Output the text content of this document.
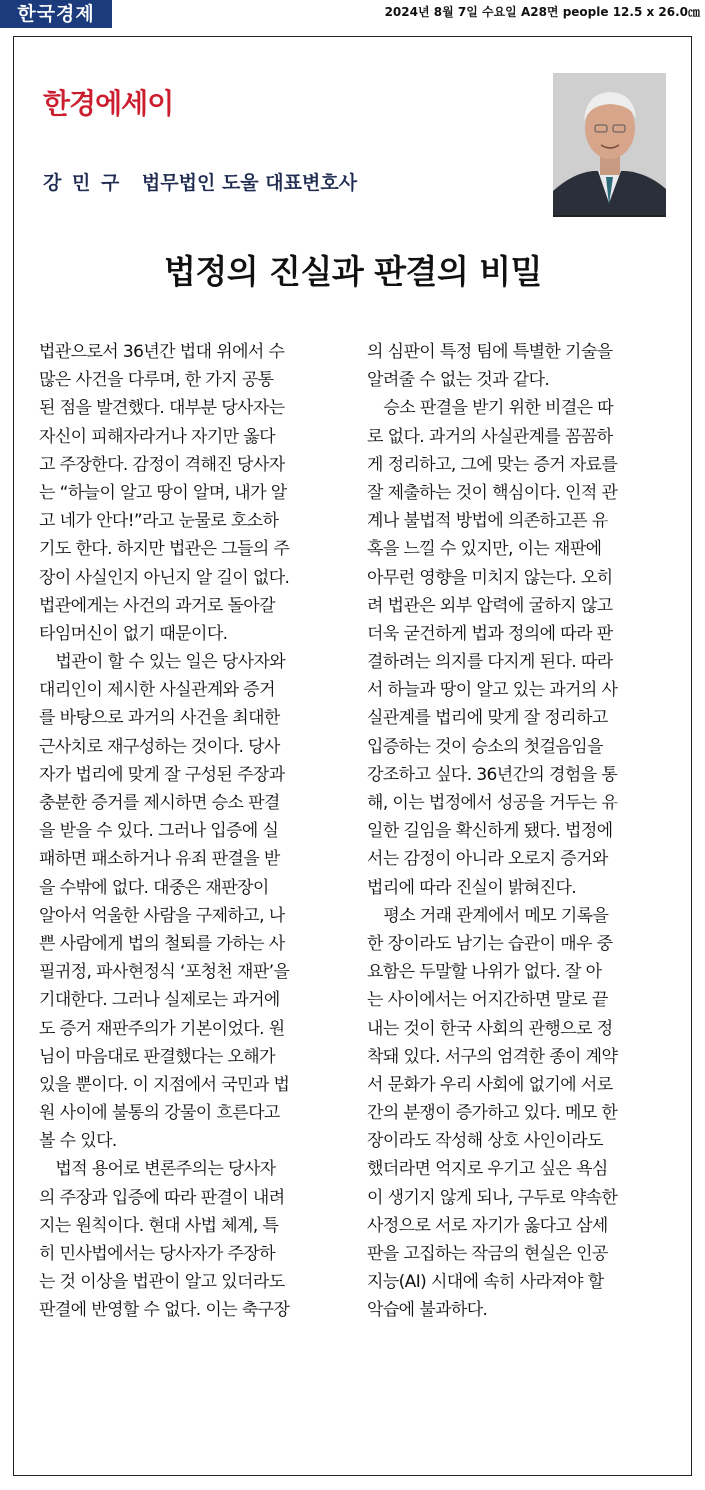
한국경제	2024년 8월 7일 수요일 A28면 people 12.5 x 26.0㎝
한경에세이
강 민 구 법무법인 도울 대표변호사
법정의 진실과 판결의 비밀
법관으로서 36년간 법대 위에서 수
많은 사건을 다루며, 한 가지 공통
된 점을 발견했다. 대부분 당사자는
자신이 피해자라거나 자기만 옳다
고 주장한다. 감정이 격해진 당사자
는 “하늘이 알고 땅이 알며, 내가 알
고 네가 안다!”라고 눈물로 호소하
기도 한다. 하지만 법관은 그들의 주
장이 사실인지 아닌지 알 길이 없다.
법관에게는 사건의 과거로 돌아갈
타임머신이 없기 때문이다.
　법관이 할 수 있는 일은 당사자와
대리인이 제시한 사실관계와 증거
를 바탕으로 과거의 사건을 최대한
근사치로 재구성하는 것이다. 당사
자가 법리에 맞게 잘 구성된 주장과
충분한 증거를 제시하면 승소 판결
을 받을 수 있다. 그러나 입증에 실
패하면 패소하거나 유죄 판결을 받
을 수밖에 없다. 대중은 재판장이
알아서 억울한 사람을 구제하고, 나
쁜 사람에게 법의 철퇴를 가하는 사
필귀정, 파사현정식 ‘포청천 재판’을
기대한다. 그러나 실제로는 과거에
도 증거 재판주의가 기본이었다. 원
님이 마음대로 판결했다는 오해가
있을 뿐이다. 이 지점에서 국민과 법
원 사이에 불통의 강물이 흐른다고
볼 수 있다.
　법적 용어로 변론주의는 당사자
의 주장과 입증에 따라 판결이 내려
지는 원칙이다. 현대 사법 체계, 특
히 민사법에서는 당사자가 주장하
는 것 이상을 법관이 알고 있더라도
판결에 반영할 수 없다. 이는 축구장
의 심판이 특정 팀에 특별한 기술을
알려줄 수 없는 것과 같다.
　승소 판결을 받기 위한 비결은 따
로 없다. 과거의 사실관계를 꼼꼼하
게 정리하고, 그에 맞는 증거 자료를
잘 제출하는 것이 핵심이다. 인적 관
계나 불법적 방법에 의존하고픈 유
혹을 느낄 수 있지만, 이는 재판에
아무런 영향을 미치지 않는다. 오히
려 법관은 외부 압력에 굴하지 않고
더욱 굳건하게 법과 정의에 따라 판
결하려는 의지를 다지게 된다. 따라
서 하늘과 땅이 알고 있는 과거의 사
실관계를 법리에 맞게 잘 정리하고
입증하는 것이 승소의 첫걸음임을
강조하고 싶다. 36년간의 경험을 통
해, 이는 법정에서 성공을 거두는 유
일한 길임을 확신하게 됐다. 법정에
서는 감정이 아니라 오로지 증거와
법리에 따라 진실이 밝혀진다.
　평소 거래 관계에서 메모 기록을
한 장이라도 남기는 습관이 매우 중
요함은 두말할 나위가 없다. 잘 아
는 사이에서는 어지간하면 말로 끝
내는 것이 한국 사회의 관행으로 정
착돼 있다. 서구의 엄격한 종이 계약
서 문화가 우리 사회에 없기에 서로
간의 분쟁이 증가하고 있다. 메모 한
장이라도 작성해 상호 사인이라도
했더라면 억지로 우기고 싶은 욕심
이 생기지 않게 되나, 구두로 약속한
사정으로 서로 자기가 옳다고 삼세
판을 고집하는 작금의 현실은 인공
지능(AI) 시대에 속히 사라져야 할
악습에 불과하다.
